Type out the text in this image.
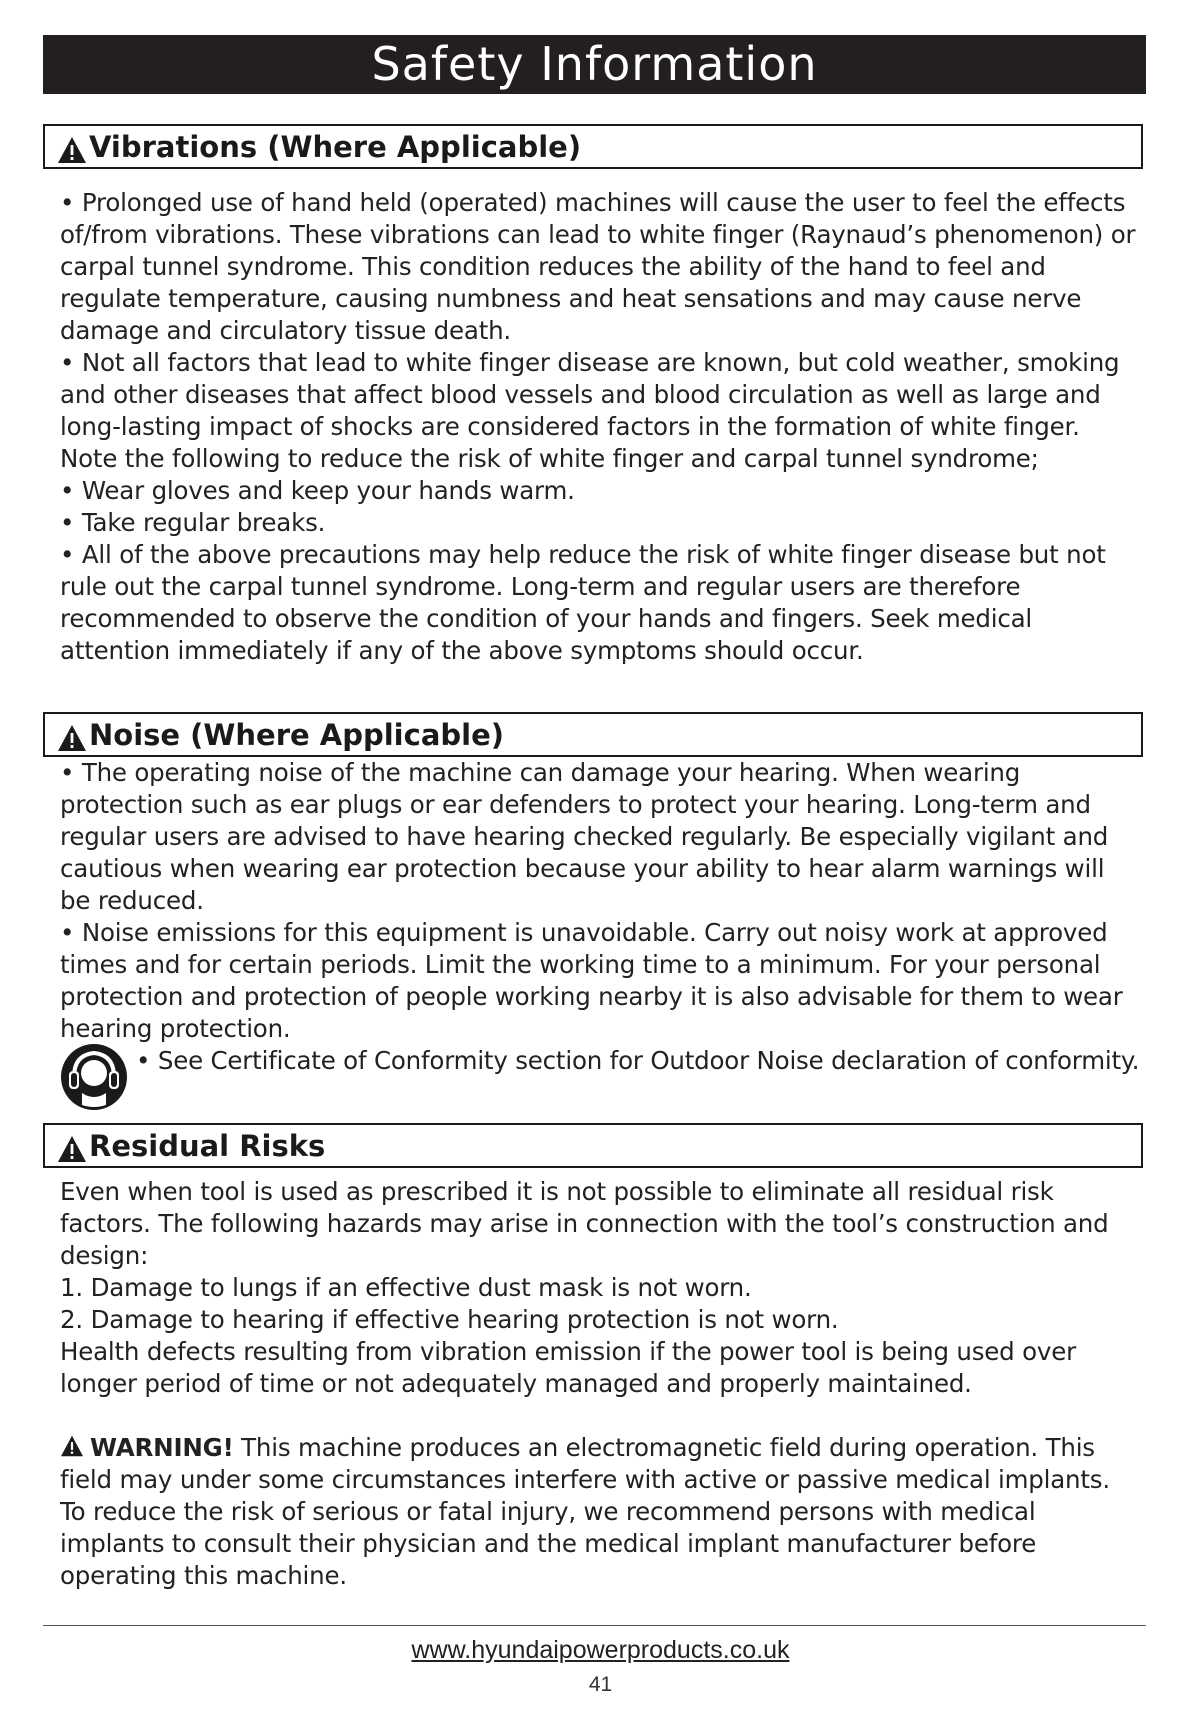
Safety Information
Vibrations (Where Applicable)

• Prolonged use of hand held (operated) machines will cause the user to feel the effects of/from vibrations. These vibrations can lead to white finger (Raynaud’s phenomenon) or carpal tunnel syndrome. This condition reduces the ability of the hand to feel and regulate temperature, causing numbness and heat sensations and may cause nerve damage and circulatory tissue death.

• Not all factors that lead to white finger disease are known, but cold weather, smoking and other diseases that affect blood vessels and blood circulation as well as large and long-lasting impact of shocks are considered factors in the formation of white finger. Note the following to reduce the risk of white finger and carpal tunnel syndrome;

• Wear gloves and keep your hands warm.

• Take regular breaks.

• All of the above precautions may help reduce the risk of white finger disease but not rule out the carpal tunnel syndrome. Long-term and regular users are therefore recommended to observe the condition of your hands and fingers. Seek medical attention immediately if any of the above symptoms should occur.

Noise (Where Applicable)

• The operating noise of the machine can damage your hearing. When wearing protection such as ear plugs or ear defenders to protect your hearing. Long-term and regular users are advised to have hearing checked regularly. Be especially vigilant and cautious when wearing ear protection because your ability to hear alarm warnings will be reduced.

• Noise emissions for this equipment is unavoidable. Carry out noisy work at approved times and for certain periods. Limit the working time to a minimum. For your personal protection and protection of people working nearby it is also advisable for them to wear hearing protection.

• See Certificate of Conformity section for Outdoor Noise declaration of conformity.
Residual Risks

Even when tool is used as prescribed it is not possible to eliminate all residual risk factors. The following hazards may arise in connection with the tool’s construction and design:

1. Damage to lungs if an effective dust mask is not worn.

2. Damage to hearing if effective hearing protection is not worn.

Health defects resulting from vibration emission if the power tool is being used over longer period of time or not adequately managed and properly maintained.

WARNING! This machine produces an electromagnetic field during operation. This field may under some circumstances interfere with active or passive medical implants. To reduce the risk of serious or fatal injury, we recommend persons with medical implants to consult their physician and the medical implant manufacturer before operating this machine.

www.hyundaipowerproducts.co.uk
41
